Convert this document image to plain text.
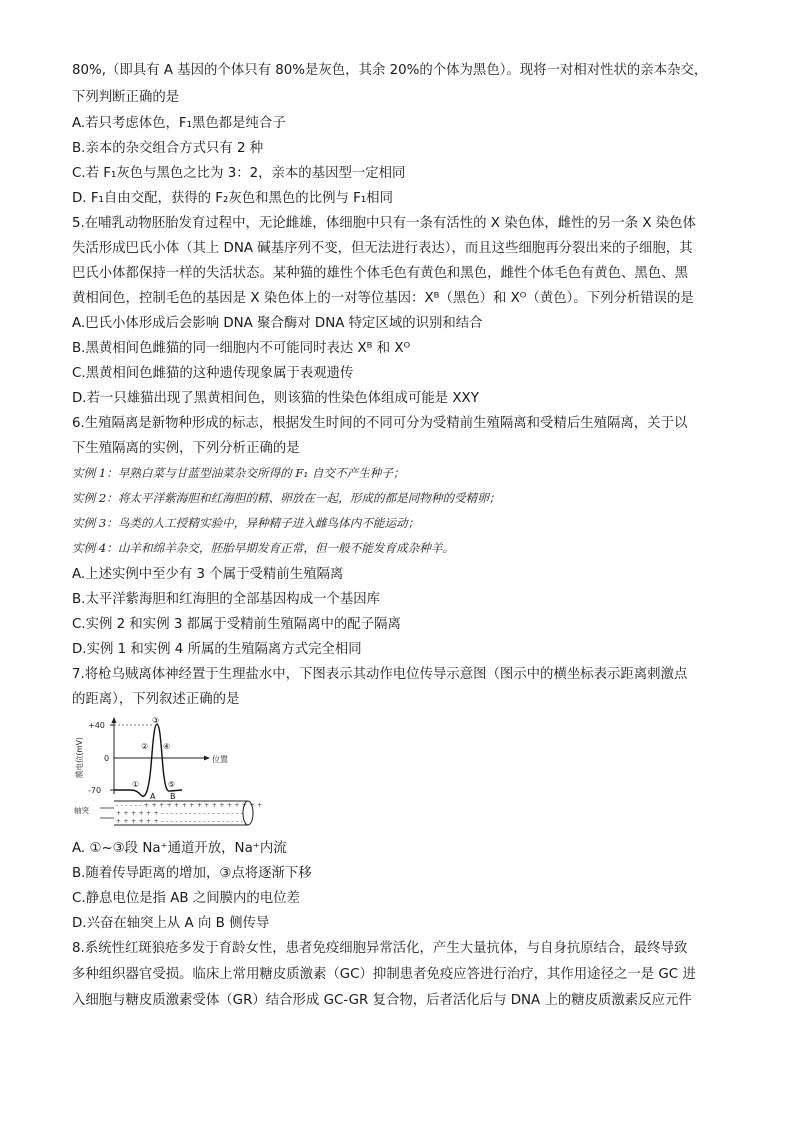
80%,（即具有 A 基因的个体只有 80%是灰色，其余 20%的个体为黑色）。现将一对相对性状的亲本杂交，
下列判断正确的是
A.若只考虑体色，F₁黑色都是纯合子
B.亲本的杂交组合方式只有 2 种
C.若 F₁灰色与黑色之比为 3：2，亲本的基因型一定相同
D. F₁自由交配，获得的 F₂灰色和黑色的比例与 F₁相同
5.在哺乳动物胚胎发育过程中，无论雌雄，体细胞中只有一条有活性的 X 染色体，雌性的另一条 X 染色体
失活形成巴氏小体（其上 DNA 碱基序列不变，但无法进行表达），而且这些细胞再分裂出来的子细胞，其
巴氏小体都保持一样的失活状态。某种猫的雄性个体毛色有黄色和黑色，雌性个体毛色有黄色、黑色、黑
黄相间色，控制毛色的基因是 X 染色体上的一对等位基因：Xᴮ（黑色）和 Xᴼ（黄色）。下列分析错误的是
A.巴氏小体形成后会影响 DNA 聚合酶对 DNA 特定区域的识别和结合
B.黑黄相间色雌猫的同一细胞内不可能同时表达 Xᴮ 和 Xᴼ
C.黑黄相间色雌猫的这种遗传现象属于表观遗传
D.若一只雄猫出现了黑黄相间色，则该猫的性染色体组成可能是 XXY
6.生殖隔离是新物种形成的标志，根据发生时间的不同可分为受精前生殖隔离和受精后生殖隔离，关于以
下生殖隔离的实例，下列分析正确的是
实例 1：早熟白菜与甘蓝型油菜杂交所得的 F₁ 自交不产生种子；
实例 2：将太平洋紫海胆和红海胆的精、卵放在一起，形成的都是同物种的受精卵；
实例 3：鸟类的人工授精实验中，异种精子进入雌鸟体内不能运动；
实例 4：山羊和绵羊杂交，胚胎早期发育正常，但一般不能发育成杂种羊。
A.上述实例中至少有 3 个属于受精前生殖隔离
B.太平洋紫海胆和红海胆的全部基因构成一个基因库
C.实例 2 和实例 3 都属于受精前生殖隔离中的配子隔离
D.实例 1 和实例 4 所属的生殖隔离方式完全相同
7.将枪乌贼离体神经置于生理盐水中，下图表示其动作电位传导示意图（图示中的横坐标表示距离刺激点
的距离），下列叙述正确的是
+40
0
-70
膜电位(mV)	位置
①
②
③
④
⑤
A B
轴突
- - - - - - + + + + + + + + + + + + + + + + + +
+ + + + + + - - - - - - - - - - - - - - - - - -
+ + + + + + - - - - - - - - - - - - - - - - - -
A. ①~③段 Na⁺通道开放，Na⁺内流
B.随着传导距离的增加，③点将逐渐下移
C.静息电位是指 AB 之间膜内的电位差
D.兴奋在轴突上从 A 向 B 侧传导
8.系统性红斑狼疮多发于育龄女性，患者免疫细胞异常活化，产生大量抗体，与自身抗原结合，最终导致
多种组织器官受损。临床上常用糖皮质激素（GC）抑制患者免疫应答进行治疗，其作用途径之一是 GC 进
入细胞与糖皮质激素受体（GR）结合形成 GC-GR 复合物，后者活化后与 DNA 上的糖皮质激素反应元件
